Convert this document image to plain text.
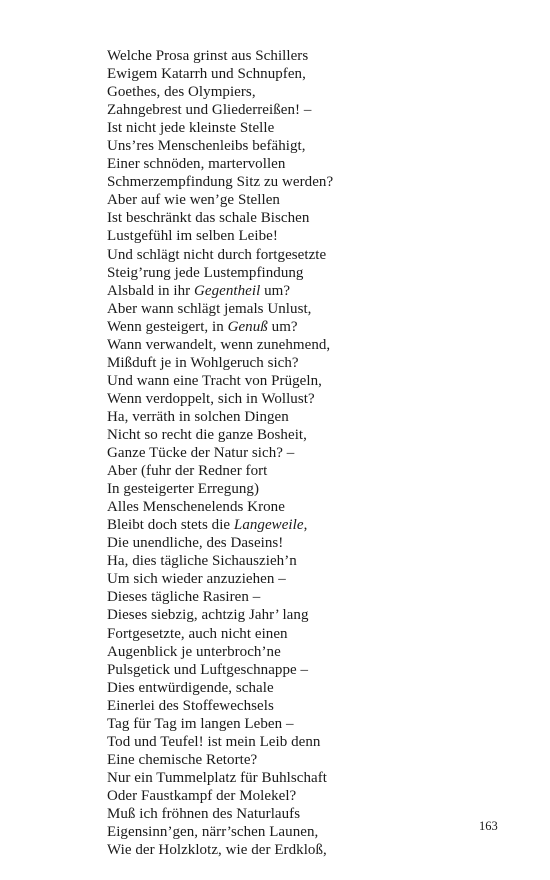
Welche Prosa grinst aus Schillers
Ewigem Katarrh und Schnupfen,
Goethes, des Olympiers,
Zahngebrest und Gliederreißen! –
Ist nicht jede kleinste Stelle
Uns’res Menschenleibs befähigt,
Einer schnöden, martervollen
Schmerzempfindung Sitz zu werden?
Aber auf wie wen’ge Stellen
Ist beschränkt das schale Bischen
Lustgefühl im selben Leibe!
Und schlägt nicht durch fortgesetzte
Steig’rung jede Lustempfindung
Alsbald in ihr Gegentheil um?
Aber wann schlägt jemals Unlust,
Wenn gesteigert, in Genuß um?
Wann verwandelt, wenn zunehmend,
Mißduft je in Wohlgeruch sich?
Und wann eine Tracht von Prügeln,
Wenn verdoppelt, sich in Wollust?
Ha, verräth in solchen Dingen
Nicht so recht die ganze Bosheit,
Ganze Tücke der Natur sich? –
Aber (fuhr der Redner fort
In gesteigerter Erregung)
Alles Menschenelends Krone
Bleibt doch stets die Langeweile,
Die unendliche, des Daseins!
Ha, dies tägliche Sichauszieh’n
Um sich wieder anzuziehen –
Dieses tägliche Rasiren –
Dieses siebzig, achtzig Jahr’ lang
Fortgesetzte, auch nicht einen
Augenblick je unterbroch’ne
Pulsgetick und Luftgeschnappe –
Dies entwürdigende, schale
Einerlei des Stoffewechsels
Tag für Tag im langen Leben –
Tod und Teufel! ist mein Leib denn
Eine chemische Retorte?
Nur ein Tummelplatz für Buhlschaft
Oder Faustkampf der Molekel?
Muß ich fröhnen des Naturlaufs
Eigensinn’gen, närr’schen Launen,
Wie der Holzklotz, wie der Erdkloß,
163
